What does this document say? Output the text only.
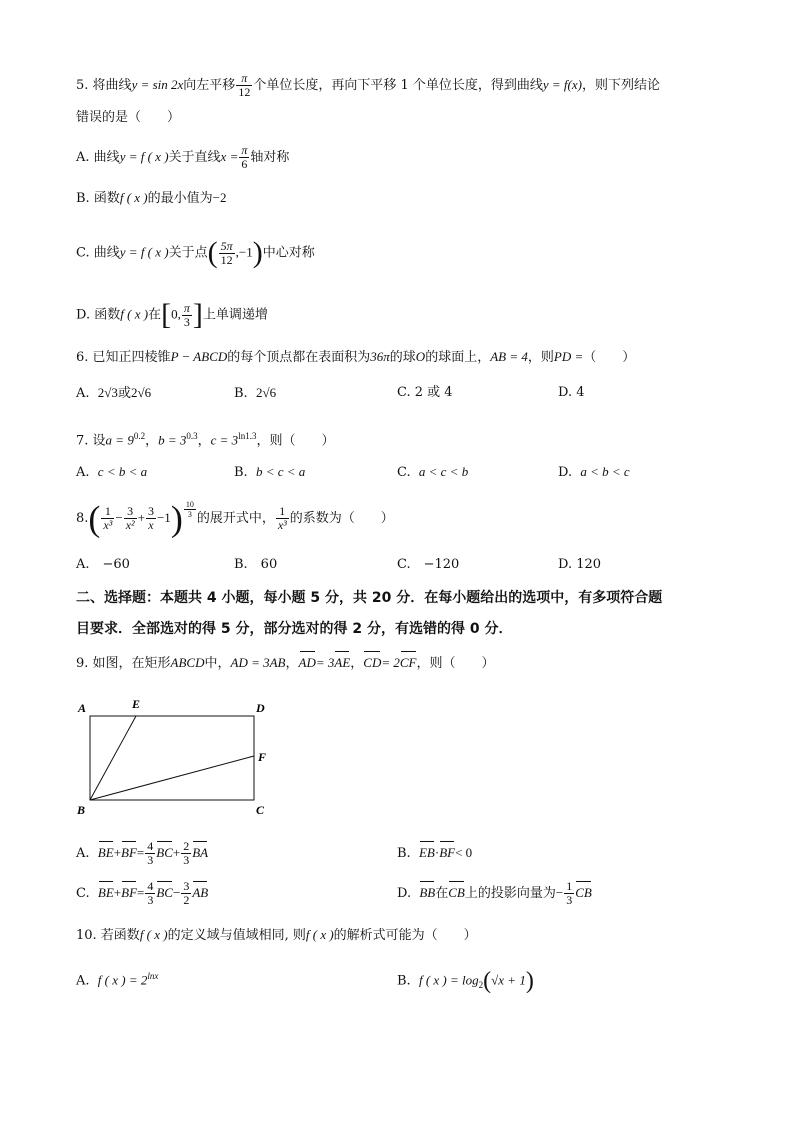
5. 将曲线y = sin 2x向左平移 $\frac{\pi}{12}$ 个单位长度，再向下平移 1 个单位长度，得到曲线y = f(x)，则下列结论
错误的是（　　）
A. 曲线y = f ( x )关于直线$x = \frac{\pi}{6}$ 轴对称
B. 函数f ( x )的最小值为−2
C. 曲线y = f ( x )关于点( $\frac{5\pi}{12} ,-1$)中心对称
D. 函数f ( x )在[0, $\frac{\pi}{3}$ ]上单调递增
6. 已知正四棱锥P − ABCD的每个顶点都在表面积为36π的球O的球面上，AB = 4，则PD =（　　）
A. 2√3或2√6	B. 2√6	C. 2 或 4	D. 4
7. 设$a = 9^{0.2}$，$b = 3^{0.3}$，$c = 3^{ln1.3}$，则（　　）
A. c < b < a	B. b < c < a	C. a < c < b	D. a < b < c
$8.( \frac{1}{\text{x³}} - \frac{3}{\text{x²}} + \frac{3}{x} -1) \frac{10}{3}$ 的展开式中， $\frac{1}{\text{x³}}$ 的系数为（　　）
A.　−60	B.　60	C.　−120	D. 120
二、选择题：本题共 4 小题，每小题 5 分，共 20 分．在每小题给出的选项中，有多项符合题
目要求．全部选对的得 5 分，部分选对的得 2 分，有选错的得 0 分．
9. 如图，在矩形ABCD中，AD = 3AB，AD= 3AE，CD= 2CF，则（　　）
A	E	D
F
B	C
A. $BE+BF= \frac{4}{3} BC+ \frac{2}{3}$ BA	B. EB·BF< 0
C. $BE+BF= \frac{4}{3} BC- \frac{3}{2}$ AB	D. BB在CB上的投影向量为− $\frac{1}{3}$ CB
10. 若函数f ( x )的定义域与值域相同, 则f ( x )的解析式可能为（　　）
A. f ( x ) = $2^{lnx}$	B. f ( x ) = $\log_2(√x + 1)$
